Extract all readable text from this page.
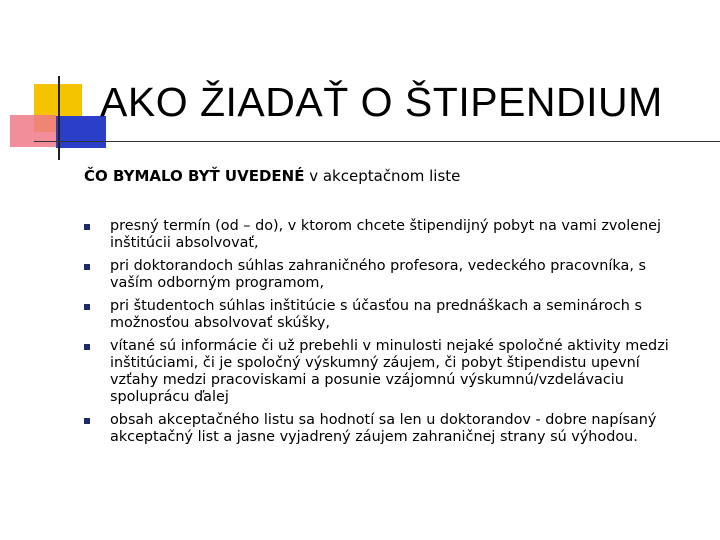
AKO ŽIADAŤ O ŠTIPENDIUM
ČO BYMALO BYŤ UVEDENÉ v akceptačnom liste
presný termín (od – do), v ktorom chcete štipendijný pobyt na vami zvolenej inštitúcii absolvovať,
pri doktorandoch súhlas zahraničného profesora, vedeckého pracovníka, s vaším odborným programom,
pri študentoch súhlas inštitúcie s účasťou na prednáškach a seminároch s možnosťou absolvovať skúšky,
vítané sú informácie či už prebehli v minulosti nejaké spoločné aktivity medzi inštitúciami, či je spoločný výskumný záujem, či pobyt štipendistu upevní vzťahy medzi pracoviskami a posunie vzájomnú výskumnú/vzdelávaciu spoluprácu ďalej
obsah akceptačného listu sa hodnotí sa len u doktorandov - dobre napísaný akceptačný list a jasne vyjadrený záujem zahraničnej strany sú výhodou.
